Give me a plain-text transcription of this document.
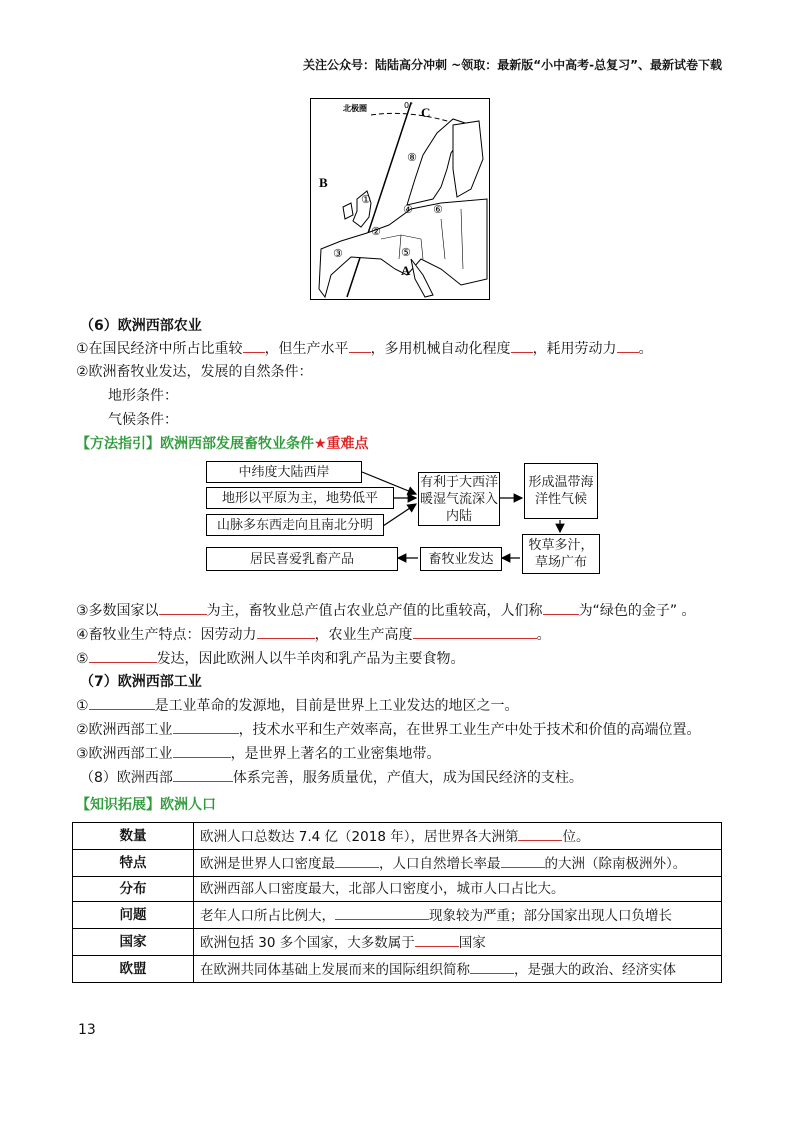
关注公众号：陆陆高分冲刺 ~领取：最新版“小中高考-总复习”、最新试卷下载
北极圈	0° C
B
A
①
②
③
④
⑤
⑥
⑧
（6）欧洲西部农业
①在国民经济中所占比重较 ，但生产水平 ，多用机械自动化程度 ，耗用劳动力 。
②欧洲畜牧业发达，发展的自然条件：
地形条件：
气候条件：
【方法指引】欧洲西部发展畜牧业条件★重难点
中纬度大陆西岸
地形以平原为主，地势低平
山脉多东西走向且南北分明
有利于大西洋暖湿气流深入内陆
形成温带海洋性气候
牧草多汁，草场广布
畜牧业发达
居民喜爱乳畜产品
③多数国家以	为主，畜牧业总产值占农业总产值的比重较高，人们称	为“绿色的金子” 。
④畜牧业生产特点：因劳动力	，农业生产高度	。
⑤	发达，因此欧洲人以牛羊肉和乳产品为主要食物。
（7）欧洲西部工业
①	是工业革命的发源地，目前是世界上工业发达的地区之一。
②欧洲西部工业	，技术水平和生产效率高，在世界工业生产中处于技术和价值的高端位置。
③欧洲西部工业	，是世界上著名的工业密集地带。
（8）欧洲西部	体系完善，服务质量优，产值大，成为国民经济的支柱。
【知识拓展】欧洲人口
数量	欧洲人口总数达 7.4 亿（2018 年），居世界各大洲第 位。
特点	欧洲是世界人口密度最 ，人口自然增长率最 的大洲（除南极洲外）。
分布	欧洲西部人口密度最大，北部人口密度小，城市人口占比大。
问题	老年人口所占比例大， 现象较为严重；部分国家出现人口负增长
国家	欧洲包括 30 多个国家，大多数属于 国家
欧盟	在欧洲共同体基础上发展而来的国际组织简称 ，是强大的政治、经济实体
13
